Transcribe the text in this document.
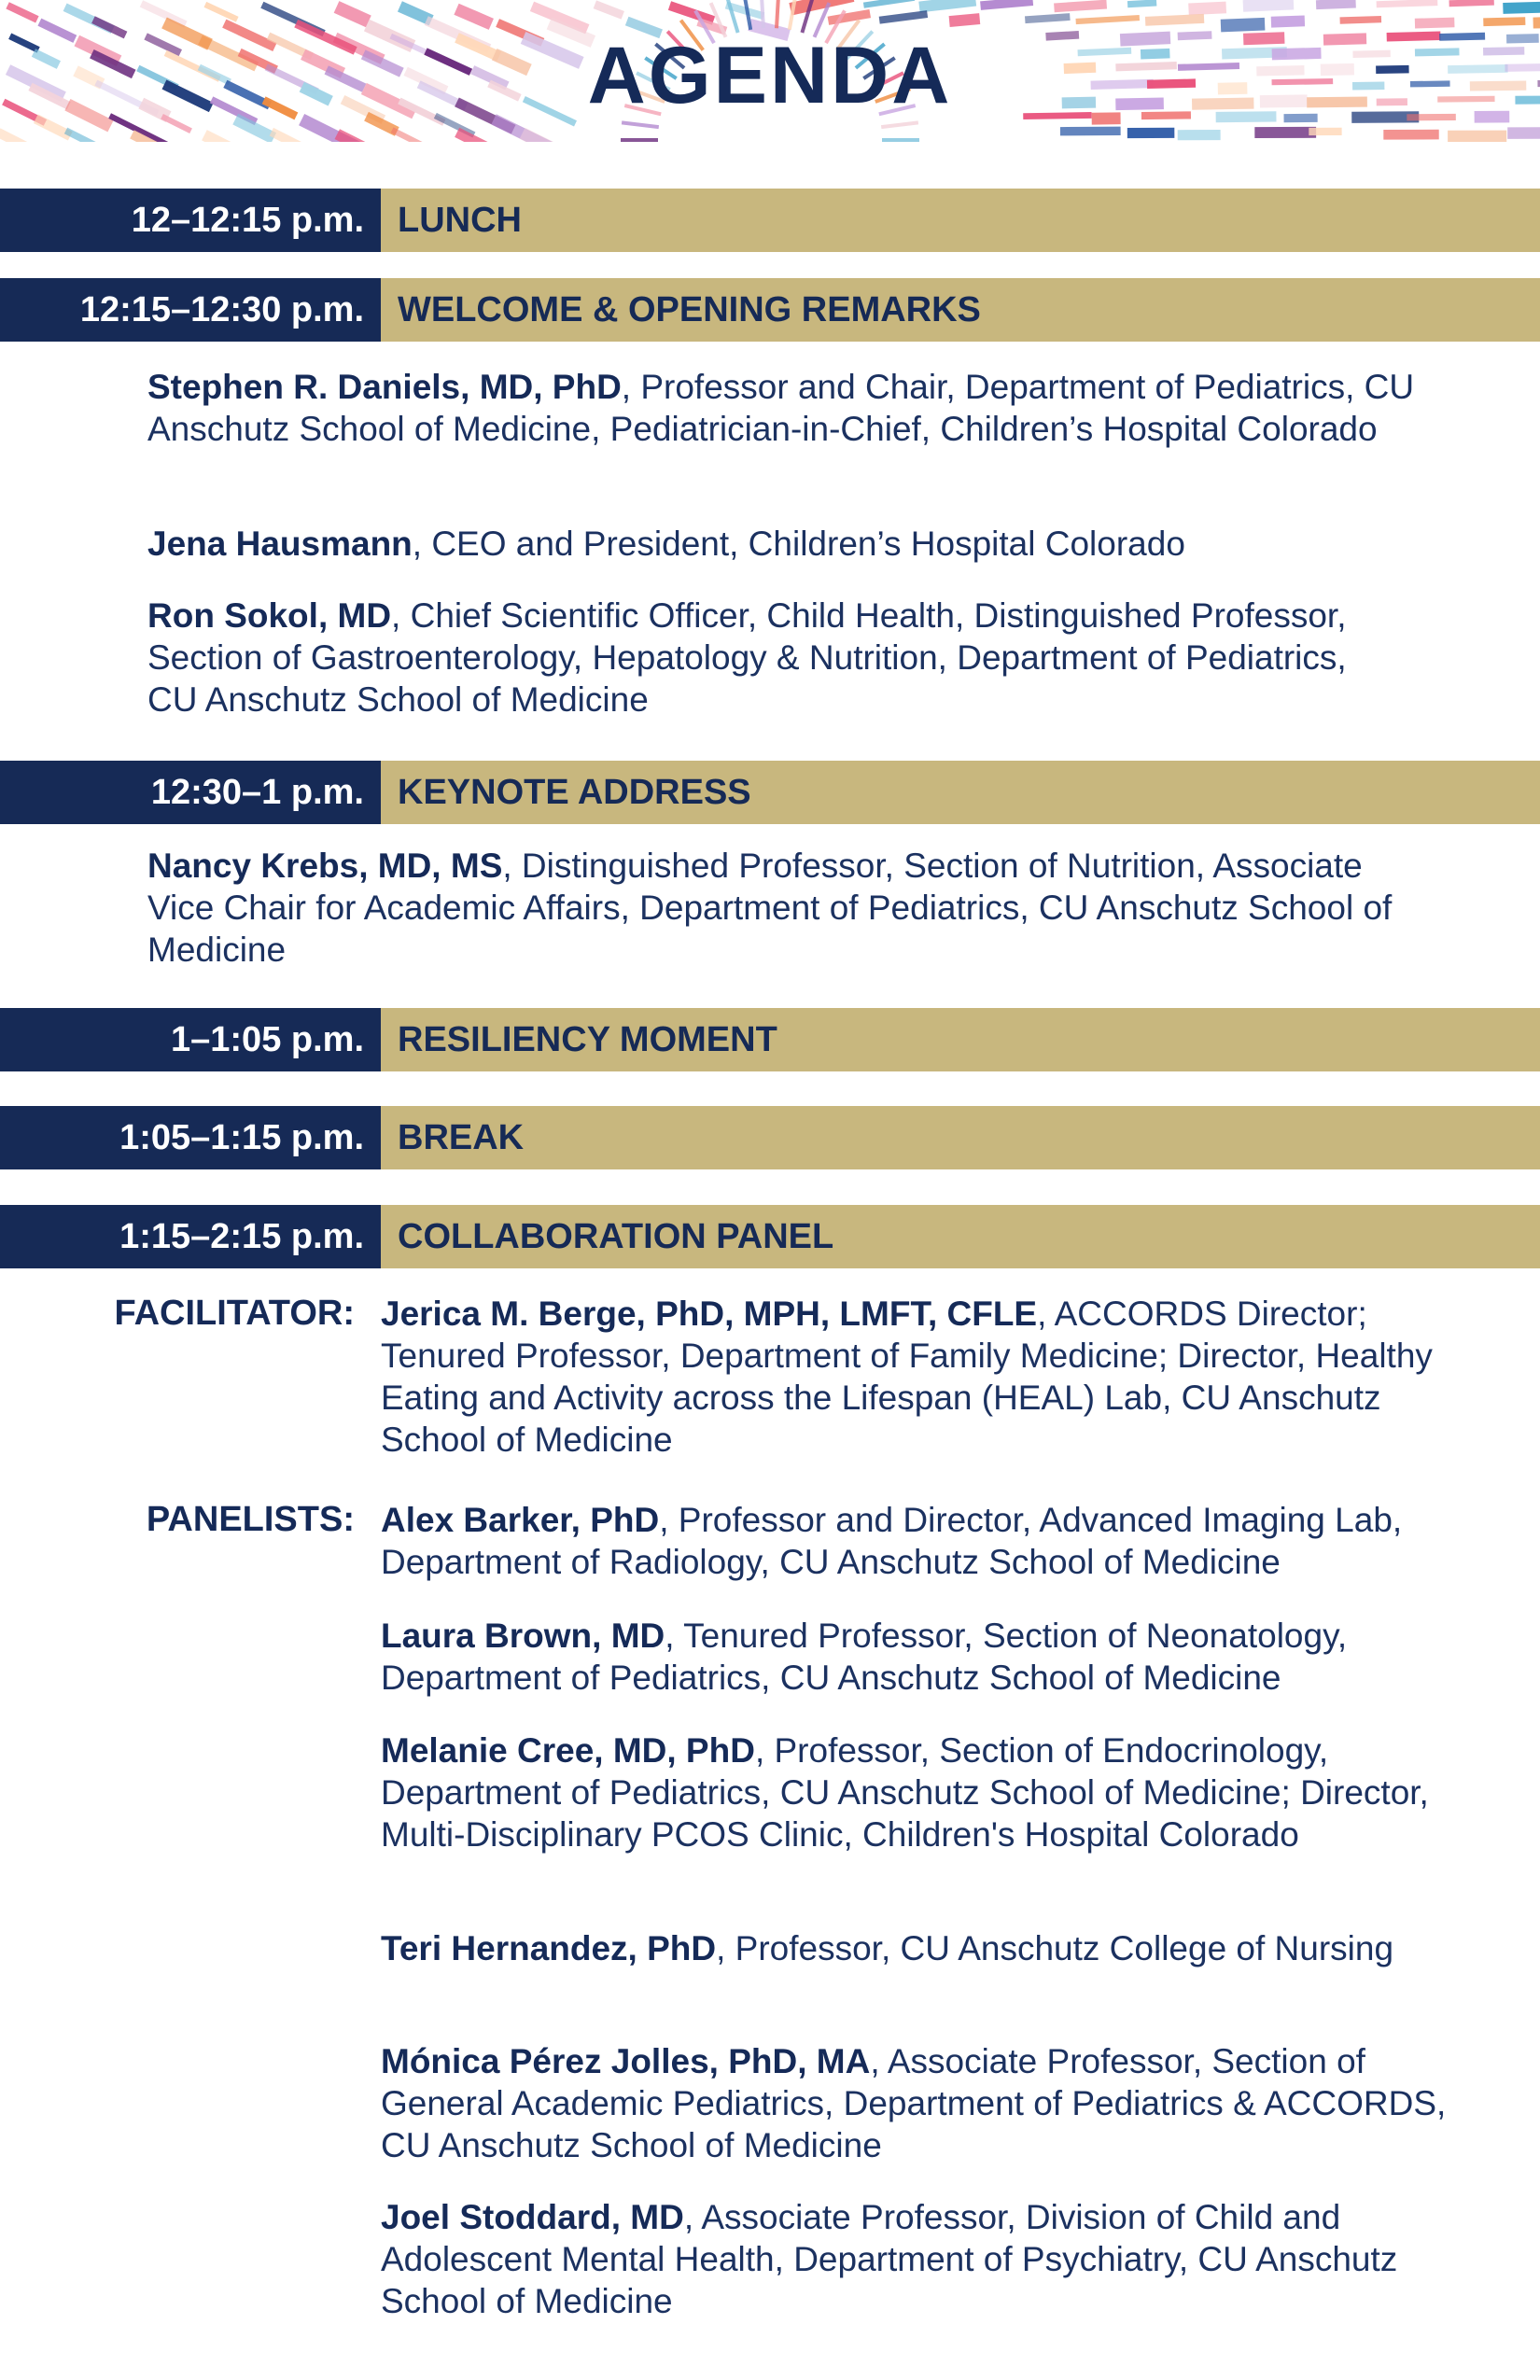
AGENDA
12–12:15 p.m. LUNCH
12:15–12:30 p.m. WELCOME & OPENING REMARKS
Stephen R. Daniels, MD, PhD, Professor and Chair, Department of Pediatrics, CU Anschutz School of Medicine, Pediatrician-in-Chief, Children’s Hospital Colorado
Jena Hausmann, CEO and President, Children’s Hospital Colorado
Ron Sokol, MD, Chief Scientific Officer, Child Health, Distinguished Professor, Section of Gastroenterology, Hepatology & Nutrition, Department of Pediatrics, CU Anschutz School of Medicine
12:30–1 p.m. KEYNOTE ADDRESS
Nancy Krebs, MD, MS, Distinguished Professor, Section of Nutrition, Associate Vice Chair for Academic Affairs, Department of Pediatrics, CU Anschutz School of Medicine
1–1:05 p.m. RESILIENCY MOMENT
1:05–1:15 p.m. BREAK
1:15–2:15 p.m. COLLABORATION PANEL
FACILITATOR: Jerica M. Berge, PhD, MPH, LMFT, CFLE, ACCORDS Director; Tenured Professor, Department of Family Medicine; Director, Healthy Eating and Activity across the Lifespan (HEAL) Lab, CU Anschutz School of Medicine
PANELISTS: Alex Barker, PhD, Professor and Director, Advanced Imaging Lab, Department of Radiology, CU Anschutz School of Medicine
Laura Brown, MD, Tenured Professor, Section of Neonatology, Department of Pediatrics, CU Anschutz School of Medicine
Melanie Cree, MD, PhD, Professor, Section of Endocrinology, Department of Pediatrics, CU Anschutz School of Medicine; Director, Multi-Disciplinary PCOS Clinic, Children's Hospital Colorado
Teri Hernandez, PhD, Professor, CU Anschutz College of Nursing
Mónica Pérez Jolles, PhD, MA, Associate Professor, Section of General Academic Pediatrics, Department of Pediatrics & ACCORDS, CU Anschutz School of Medicine
Joel Stoddard, MD, Associate Professor, Division of Child and Adolescent Mental Health, Department of Psychiatry, CU Anschutz School of Medicine
